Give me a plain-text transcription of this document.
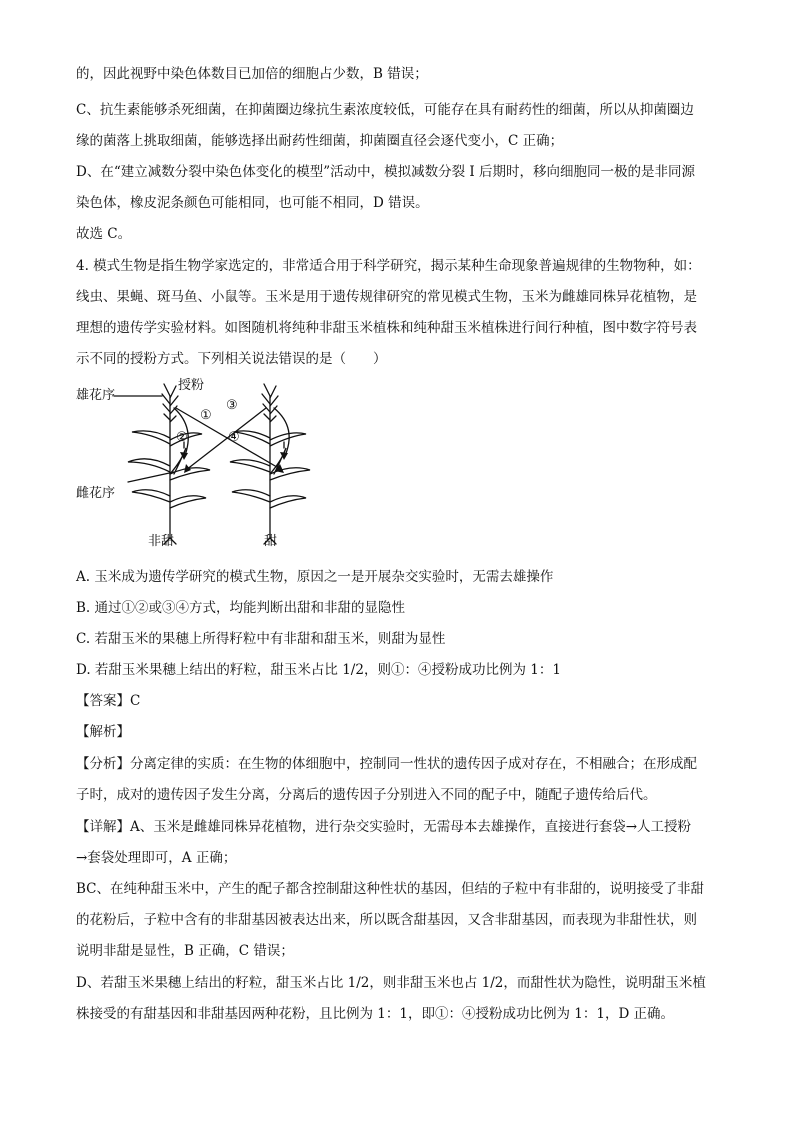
的，因此视野中染色体数目已加倍的细胞占少数，B 错误；
C、抗生素能够杀死细菌，在抑菌圈边缘抗生素浓度较低，可能存在具有耐药性的细菌，所以从抑菌圈边
缘的菌落上挑取细菌，能够选择出耐药性细菌，抑菌圈直径会逐代变小，C 正确；
D、在“建立减数分裂中染色体变化的模型”活动中，模拟减数分裂 I 后期时，移向细胞同一极的是非同源
染色体，橡皮泥条颜色可能相同，也可能不相同，D 错误。
故选 C。
4. 模式生物是指生物学家选定的，非常适合用于科学研究，揭示某种生命现象普遍规律的生物物种，如：
线虫、果蝇、斑马鱼、小鼠等。玉米是用于遗传规律研究的常见模式生物，玉米为雌雄同株异花植物，是
理想的遗传学实验材料。如图随机将纯种非甜玉米植株和纯种甜玉米植株进行间行种植，图中数字符号表
示不同的授粉方式。下列相关说法错误的是（　　）
雄花序
授粉
①
②
③
④
雌花序
非甜	甜
A. 玉米成为遗传学研究的模式生物，原因之一是开展杂交实验时，无需去雄操作
B. 通过①②或③④方式，均能判断出甜和非甜的显隐性
C. 若甜玉米的果穗上所得籽粒中有非甜和甜玉米，则甜为显性
D. 若甜玉米果穗上结出的籽粒，甜玉米占比 1/2，则①：④授粉成功比例为 1：1
【答案】C
【解析】
【分析】分离定律的实质：在生物的体细胞中，控制同一性状的遗传因子成对存在，不相融合；在形成配
子时，成对的遗传因子发生分离，分离后的遗传因子分别进入不同的配子中，随配子遗传给后代。
【详解】A、玉米是雌雄同株异花植物，进行杂交实验时，无需母本去雄操作，直接进行套袋→人工授粉
→套袋处理即可，A 正确；
BC、在纯种甜玉米中，产生的配子都含控制甜这种性状的基因，但结的子粒中有非甜的，说明接受了非甜
的花粉后，子粒中含有的非甜基因被表达出来，所以既含甜基因，又含非甜基因，而表现为非甜性状，则
说明非甜是显性，B 正确，C 错误；
D、若甜玉米果穗上结出的籽粒，甜玉米占比 1/2，则非甜玉米也占 1/2，而甜性状为隐性，说明甜玉米植
株接受的有甜基因和非甜基因两种花粉，且比例为 1：1，即①：④授粉成功比例为 1：1，D 正确。
